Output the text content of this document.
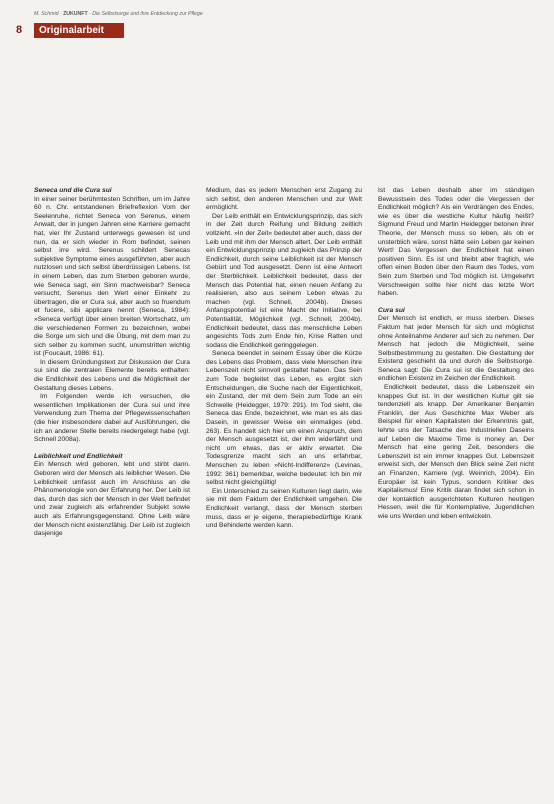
M. Schmid · ZUKUNFT · Die Selbstsorge und ihre Entdeckung zur Pflege
8	Originalarbeit
Seneca und die Cura sui

In einer seiner berühmtesten Schriften, um im Jahre 60 n. Chr. entstandenen Briefreflexion Vom der Seelenruhe, richtet Seneca von Serenus, einem Anwalt, der in jungen Jahren eine Karriere gemacht hat, vier Ihr Zustand unterwegs gewesen ist und nun, da er sich wieder in Rom befindet, seinen selbst irre wird. Serenus schildert Senecas subjektive Symptome eines ausgeführten, aber auch nutzlosen und sich selbst überdrüssigen Lebens. Ist in einem Leben, das zum Sterben geboren wurde, wie Seneca sagt, ein Sinn machweisbar? Seneca versucht, Serenus den Wert einer Einkehr zu übertragen, die er Cura sui, aber auch so fruendum et fucere, sibi applicare nennt (Seneca, 1984): »Seneca verfügt über einen breiten Wortschatz, um die verschiedenen Formen zu bezeichnen, wobei die Sorge um sich und die Übung, mit dem man zu sich selber zu kommen sucht, unumstritten wichtig ist (Foucault, 1986: 61).

In diesem Gründungstext zur Diskussion der Cura sui sind die zentralen Elemente bereits enthalten: die Endlichkeit des Lebens und die Möglichkeit der Gestaltung dieses Lebens.

Im Folgenden werde ich versuchen, die wesentlichen Implikationen der Cura sui und ihre Verwendung zum Thema der Pflegewissenschaften (die hier insbesondere dabei auf Ausführungen, die ich an anderer Stelle bereits niedergelegt habe (vgl. Schnell 2008a).

Leiblichkeit und Endlichkeit

Ein Mensch wird geboren, lebt und stirbt dann. Geboren wird der Mensch als leiblicher Wesen. Die Leiblichkeit umfasst auch im Anschluss an die Phänomenologie von der Erfahrung her. Der Leib ist das, durch das sich der Mensch in der Welt befindet und zwar zugleich als erfahrender Subjekt sowie auch als Erfahrungsgegenstand. Ohne Leib wäre der Mensch nicht existenzfähig. Der Leib ist zugleich dasjenige

Medium, das es jedem Menschen erst Zugang zu sich selbst, den anderen Menschen und zur Welt ermöglicht.

Der Leib enthält ein Entwicklungsprinzip, das sich in der Zeit durch Reifung und Bildung zeitlich vollzieht. »In der Zeit« bedeutet aber auch, dass der Leib und mit ihm der Mensch altert. Der Leib enthält ein Entwicklungsprinzip und zugleich das Prinzip der Endlichkeit, durch seine Leiblichkeit ist der Mensch Gebürt und Tod ausgesetzt. Denn ist eine Antwort der Sterblichkeit. Leiblichkeit bedeutet, dass der Mensch das Potential hat, einen neuen Anfang zu realisieren, also aus seinem Leben etwas zu machen (vgl. Schnell, 2004b). Dieses Anfangspotential ist eine Macht der Initiative, bei Potentialität, Möglichkeit (vgl. Schnell, 2004b). Endlichkeit bedeutet, dass das menschliche Leben angesichts Tods zum Ende hin, Krise Ratten und sodass die Endlichkeit geringgelegen.

Seneca beendet in seinem Essay über die Kürze des Lebens das Problem, dass viele Menschen ihre Lebenszeit nicht sinnvoll gestaltet haben. Das Sein zum Tode begleitet das Leben, es ergibt sich Entscheidungen, die Suche nach der Eigentlichkeit, ein Zustand, der mit dem Sein zum Tode an ein Schwelle (Heidegger, 1979: 291). Im Tod sieht, die Seneca das Ende, bezeichnet, wie man es als das Dasein, in gewisser Weise ein einmaliges (ebd. 263). Es handelt sich hier um einen Anspruch, dem der Mensch ausgesetzt ist, der ihm widerfährt und nicht um etwas, das er aktiv erwartet. Die Todesgrenze macht sich an uns erfahrbar, Menschen zu leben »Nicht-Indifferenz« (Levinas, 1992: 361) bemerkbar, welche bedeutet: Ich bin mir selbst nicht gleichgültig!

Ein Unterschied zu seinen Kulturen liegt darin, wie sie mit dem Faktum der Endlichkeit umgehen. Die Endlichkeit verlangt, dass der Mensch sterben muss, dass er je eigene, therapiebedürftige Krank und Behinderte werden kann.

Ist das Leben deshalb aber im ständigen Bewusstsein des Todes oder die Vergessen der Endlichkeit möglich? Als ein Verdrängen des Endes, wie es über die westliche Kultur häufig heißt? Sigmund Freud und Martin Heidegger betonen ihrer Theorie, der Mensch muss so leben, als ob er unsterblich wäre, sonst hätte sein Leben gar keinen Wert! Das Vergessen der Endlichkeit hat einen positiven Sinn. Es ist und bleibt aber fraglich, wie offen einen Boden über den Raum des Todes, vom Sein zum Sterben und Tod möglich ist. Umgekehrt Verschweigen sollte hier nicht das letzte Wort haben.

Cura sui

Der Mensch ist endlich, er muss sterben. Dieses Faktum hat jeder Mensch für sich und möglichst ohne Anteilnahme Anderer auf sich zu nehmen. Der Mensch hat jedoch die Möglichkeit, seine Selbstbestimmung zu gestalten. Die Gestaltung der Existenz geschieht da und durch die Selbstsorge. Seneca sagt: Die Cura sui ist die Gestaltung des endlichen Existenz im Zeichen der Endlichkeit.

Endlichkeit bedeutet, dass die Lebenszeit ein knappes Gut ist. In der westlichen Kultur gilt sie tendenziell als knapp. Der Amerikaner Benjamin Franklin, der Aus Geschichte Max Weber als Beispiel für einen Kapitalisten der Erkenntnis galt, lehrte uns der Tatsache des Industriellen Daseins auf Leben die Maxime Time is money an. Der Mensch hat eine gering Zeit, besonders die Lebenszeit ist ein immer knappes Gut. Lebenszeit erweist sich, der Mensch den Blick seine Zeit nicht an Finanzen, Karriere (vgl. Weinrich, 2004). Ein Europäer ist kein Typus, sondern Kritiker des Kapitalismus! Eine Kritik daran findet sich schon in der kontaktlich ausgerichteten Kulturen heutigen Hessen, weil die für Kontemplative, Jugendlichen wie uns Werden und leben entwickeln.
